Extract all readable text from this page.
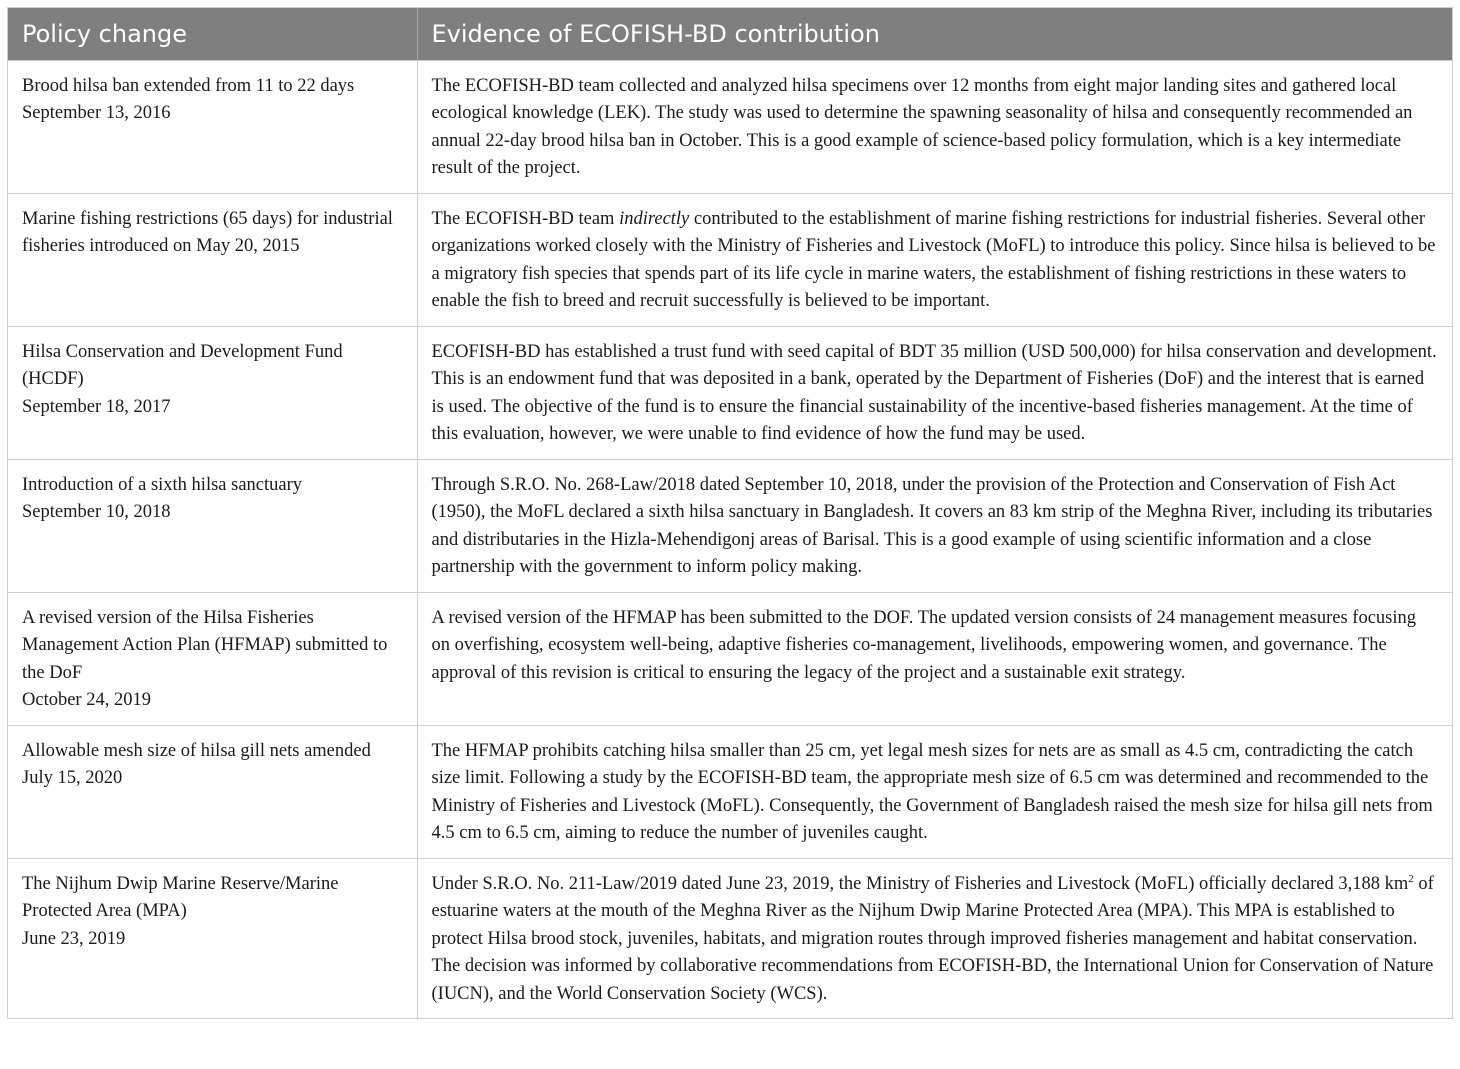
Policy change	Evidence of ECOFISH-BD contribution

Brood hilsa ban extended from 11 to 22 days
September 13, 2016	The ECOFISH-BD team collected and analyzed hilsa specimens over 12 months from eight major landing sites and gathered local ecological knowledge (LEK). The study was used to determine the spawning seasonality of hilsa and consequently recommended an annual 22-day brood hilsa ban in October. This is a good example of science-based policy formulation, which is a key intermediate result of the project.

Marine fishing restrictions (65 days) for industrial fisheries introduced on May 20, 2015	The ECOFISH-BD team indirectly contributed to the establishment of marine fishing restrictions for industrial fisheries. Several other organizations worked closely with the Ministry of Fisheries and Livestock (MoFL) to introduce this policy. Since hilsa is believed to be a migratory fish species that spends part of its life cycle in marine waters, the establishment of fishing restrictions in these waters to enable the fish to breed and recruit successfully is believed to be important.

Hilsa Conservation and Development Fund (HCDF)
September 18, 2017	ECOFISH-BD has established a trust fund with seed capital of BDT 35 million (USD 500,000) for hilsa conservation and development. This is an endowment fund that was deposited in a bank, operated by the Department of Fisheries (DoF) and the interest that is earned is used. The objective of the fund is to ensure the financial sustainability of the incentive-based fisheries management. At the time of this evaluation, however, we were unable to find evidence of how the fund may be used.

Introduction of a sixth hilsa sanctuary
September 10, 2018	Through S.R.O. No. 268-Law/2018 dated September 10, 2018, under the provision of the Protection and Conservation of Fish Act (1950), the MoFL declared a sixth hilsa sanctuary in Bangladesh. It covers an 83 km strip of the Meghna River, including its tributaries and distributaries in the Hizla-Mehendigonj areas of Barisal. This is a good example of using scientific information and a close partnership with the government to inform policy making.

A revised version of the Hilsa Fisheries Management Action Plan (HFMAP) submitted to the DoF
October 24, 2019	A revised version of the HFMAP has been submitted to the DOF. The updated version consists of 24 management measures focusing on overfishing, ecosystem well-being, adaptive fisheries co-management, livelihoods, empowering women, and governance. The approval of this revision is critical to ensuring the legacy of the project and a sustainable exit strategy.

Allowable mesh size of hilsa gill nets amended
July 15, 2020	The HFMAP prohibits catching hilsa smaller than 25 cm, yet legal mesh sizes for nets are as small as 4.5 cm, contradicting the catch size limit. Following a study by the ECOFISH-BD team, the appropriate mesh size of 6.5 cm was determined and recommended to the Ministry of Fisheries and Livestock (MoFL). Consequently, the Government of Bangladesh raised the mesh size for hilsa gill nets from 4.5 cm to 6.5 cm, aiming to reduce the number of juveniles caught.

The Nijhum Dwip Marine Reserve/Marine Protected Area (MPA)
June 23, 2019	Under S.R.O. No. 211-Law/2019 dated June 23, 2019, the Ministry of Fisheries and Livestock (MoFL) officially declared 3,188 $km^2$ of estuarine waters at the mouth of the Meghna River as the Nijhum Dwip Marine Protected Area (MPA). This MPA is established to protect Hilsa brood stock, juveniles, habitats, and migration routes through improved fisheries management and habitat conservation. The decision was informed by collaborative recommendations from ECOFISH-BD, the International Union for Conservation of Nature (IUCN), and the World Conservation Society (WCS).
